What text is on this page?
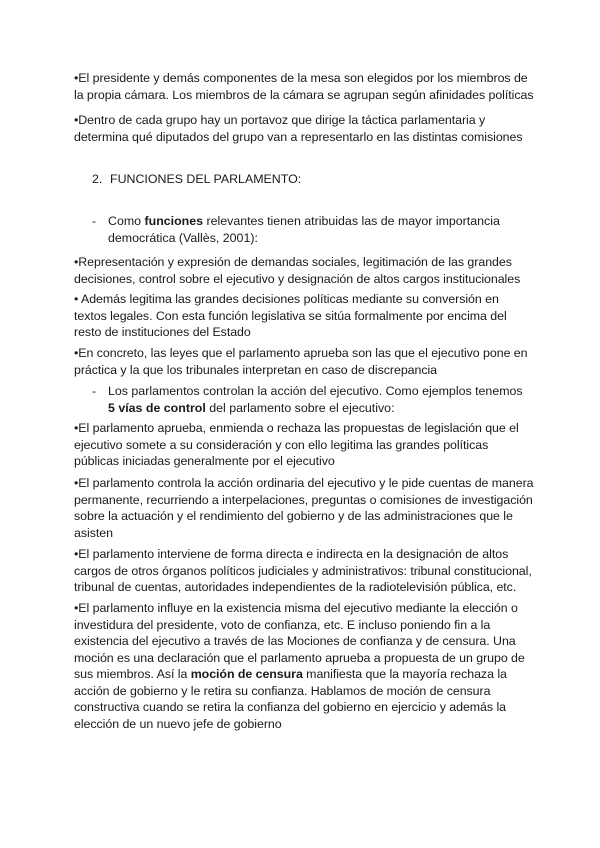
•El presidente y demás componentes de la mesa son elegidos por los miembros de la propia cámara. Los miembros de la cámara se agrupan según afinidades políticas
•Dentro de cada grupo hay un portavoz que dirige la táctica parlamentaria y determina qué diputados del grupo van a representarlo en las distintas comisiones
2. FUNCIONES DEL PARLAMENTO:
- Como funciones relevantes tienen atribuidas las de mayor importancia democrática (Vallès, 2001):
•Representación y expresión de demandas sociales, legitimación de las grandes decisiones, control sobre el ejecutivo y designación de altos cargos institucionales
• Además legitima las grandes decisiones políticas mediante su conversión en textos legales. Con esta función legislativa se sitúa formalmente por encima del resto de instituciones del Estado
•En concreto, las leyes que el parlamento aprueba son las que el ejecutivo pone en práctica y la que los tribunales interpretan en caso de discrepancia
- Los parlamentos controlan la acción del ejecutivo. Como ejemplos tenemos 5 vías de control del parlamento sobre el ejecutivo:
•El parlamento aprueba, enmienda o rechaza las propuestas de legislación que el ejecutivo somete a su consideración y con ello legitima las grandes políticas públicas iniciadas generalmente por el ejecutivo
•El parlamento controla la acción ordinaria del ejecutivo y le pide cuentas de manera permanente, recurriendo a interpelaciones, preguntas o comisiones de investigación sobre la actuación y el rendimiento del gobierno y de las administraciones que le asisten
•El parlamento interviene de forma directa e indirecta en la designación de altos cargos de otros órganos políticos judiciales y administrativos: tribunal constitucional, tribunal de cuentas, autoridades independientes de la radiotelevisión pública, etc.
•El parlamento influye en la existencia misma del ejecutivo mediante la elección o investidura del presidente, voto de confianza, etc. E incluso poniendo fin a la existencia del ejecutivo a través de las Mociones de confianza y de censura. Una moción es una declaración que el parlamento aprueba a propuesta de un grupo de sus miembros. Así la moción de censura manifiesta que la mayoría rechaza la acción de gobierno y le retira su confianza. Hablamos de moción de censura constructiva cuando se retira la confianza del gobierno en ejercicio y además la elección de un nuevo jefe de gobierno
